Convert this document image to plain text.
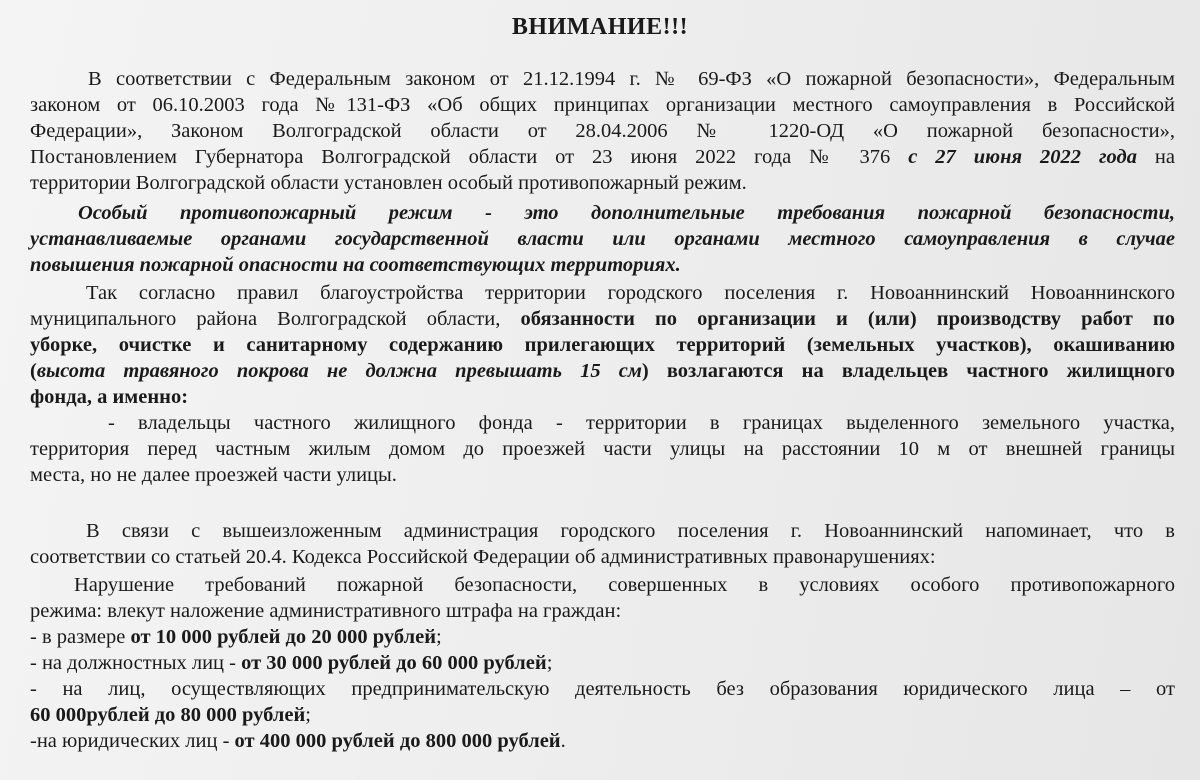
ВНИМАНИЕ!!!
В соответствии с Федеральным законом от 21.12.1994 г. № 69-ФЗ «О пожарной безопасности», Федеральным
законом от 06.10.2003 года №131-ФЗ «Об общих принципах организации местного самоуправления в Российской
Федерации», Законом Волгоградской области от 28.04.2006 № 1220-ОД «О пожарной безопасности»,
Постановлением Губернатора Волгоградской области от 23 июня 2022 года № 376 с 27 июня 2022 года на
территории Волгоградской области установлен особый противопожарный режим.
Особый противопожарный режим - это дополнительные требования пожарной безопасности,
устанавливаемые органами государственной власти или органами местного самоуправления в случае
повышения пожарной опасности на соответствующих территориях.
Так согласно правил благоустройства территории городского поселения г. Новоаннинский Новоаннинского
муниципального района Волгоградской области, обязанности по организации и (или) производству работ по
уборке, очистке и санитарному содержанию прилегающих территорий (земельных участков), окашиванию
(высота травяного покрова не должна превышать 15 см) возлагаются на владельцев частного жилищного
фонда, а именно:
- владельцы частного жилищного фонда - территории в границах выделенного земельного участка,
территория перед частным жилым домом до проезжей части улицы на расстоянии 10 м от внешней границы
места, но не далее проезжей части улицы.
В связи с вышеизложенным администрация городского поселения г. Новоаннинский напоминает, что в
соответствии со статьей 20.4. Кодекса Российской Федерации об административных правонарушениях:
Нарушение требований пожарной безопасности, совершенных в условиях особого противопожарного
режима: влекут наложение административного штрафа на граждан:
- в размере от 10 000 рублей до 20 000 рублей;
- на должностных лиц - от 30 000 рублей до 60 000 рублей;
- на лиц, осуществляющих предпринимательскую деятельность без образования юридического лица – от
60 000рублей до 80 000 рублей;
-на юридических лиц - от 400 000 рублей до 800 000 рублей.
